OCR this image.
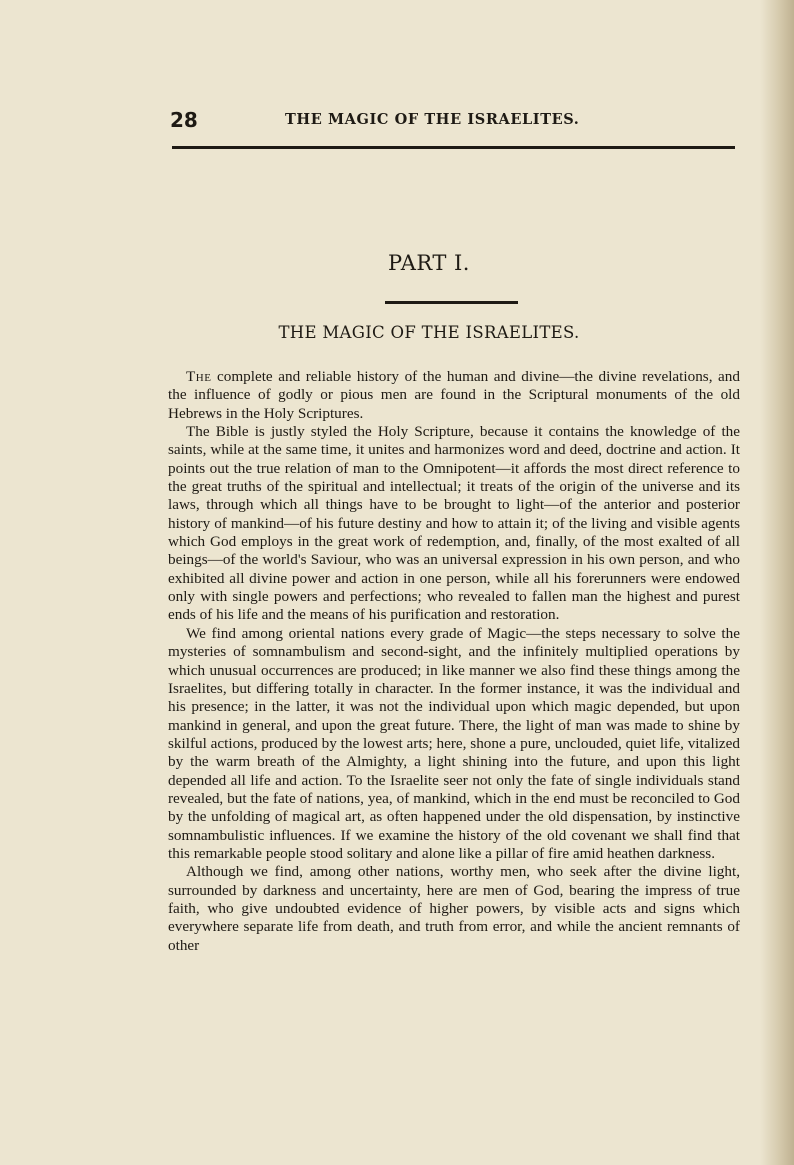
28	THE MAGIC OF THE ISRAELITES.
PART I.
THE MAGIC OF THE ISRAELITES.

The complete and reliable history of the human and divine—the divine revelations, and the influence of godly or pious men are found in the Scriptural monuments of the old Hebrews in the Holy Scriptures.

The Bible is justly styled the Holy Scripture, because it contains the knowledge of the saints, while at the same time, it unites and harmonizes word and deed, doctrine and action. It points out the true relation of man to the Omnipotent—it affords the most direct reference to the great truths of the spiritual and intellectual; it treats of the origin of the universe and its laws, through which all things have to be brought to light—of the anterior and posterior history of mankind—of his future destiny and how to attain it; of the living and visible agents which God employs in the great work of redemption, and, finally, of the most exalted of all beings—of the world's Saviour, who was an universal expression in his own person, and who exhibited all divine power and action in one person, while all his forerunners were endowed only with single powers and perfections; who revealed to fallen man the highest and purest ends of his life and the means of his purification and restoration.

We find among oriental nations every grade of Magic—the steps necessary to solve the mysteries of somnambulism and second-sight, and the infinitely multiplied operations by which unusual occurrences are produced; in like manner we also find these things among the Israelites, but differing totally in character. In the former instance, it was the individual and his presence; in the latter, it was not the individual upon which magic depended, but upon mankind in general, and upon the great future. There, the light of man was made to shine by skilful actions, produced by the lowest arts; here, shone a pure, unclouded, quiet life, vitalized by the warm breath of the Almighty, a light shining into the future, and upon this light depended all life and action. To the Israelite seer not only the fate of single individuals stand revealed, but the fate of nations, yea, of mankind, which in the end must be reconciled to God by the unfolding of magical art, as often happened under the old dispensation, by instinctive somnambulistic influences. If we examine the history of the old covenant we shall find that this remarkable people stood solitary and alone like a pillar of fire amid heathen darkness.

Although we find, among other nations, worthy men, who seek after the divine light, surrounded by darkness and uncertainty, here are men of God, bearing the impress of true faith, who give undoubted evidence of higher powers, by visible acts and signs which everywhere separate life from death, and truth from error, and while the ancient remnants of other
